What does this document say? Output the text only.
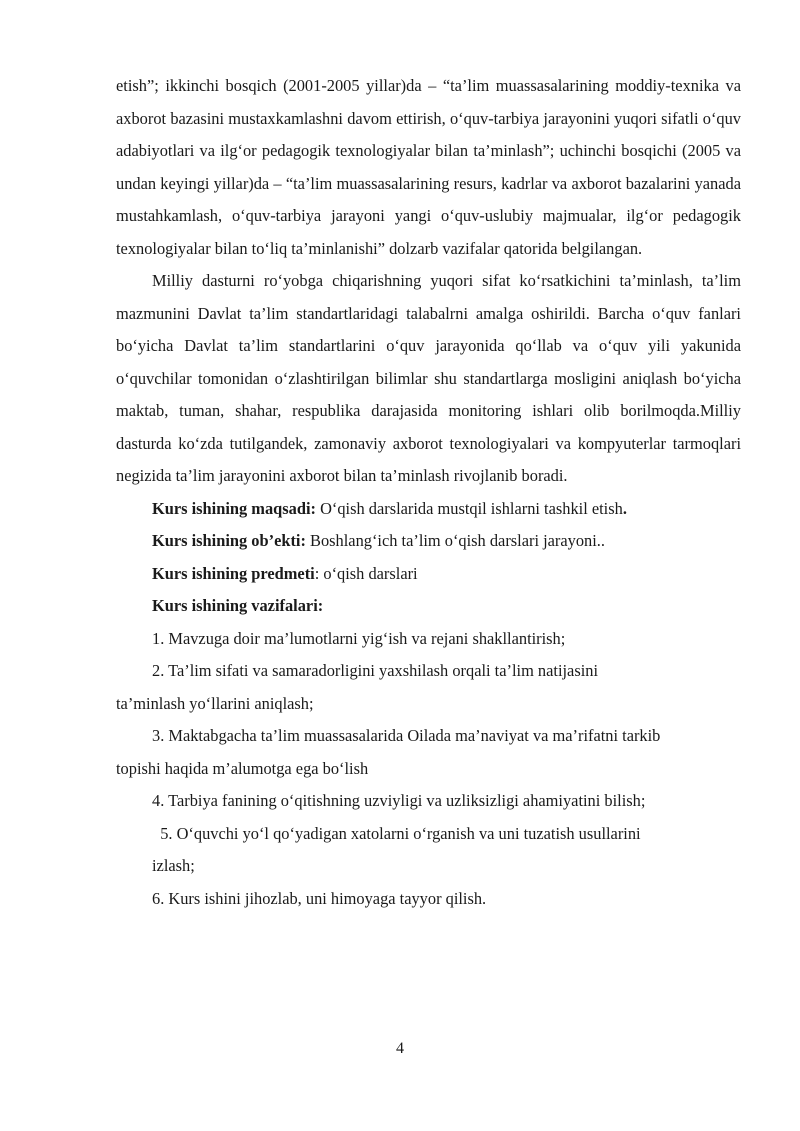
etish”; ikkinchi bosqich (2001-2005 yillar)da – “ta’lim muassasalarining moddiy-texnika va axborot bazasini mustaxkamlashni davom ettirish, o‘quv-tarbiya jarayonini yuqori sifatli o‘quv adabiyotlari va ilg‘or pedagogik texnologiyalar bilan ta’minlash”; uchinchi bosqichi (2005 va undan keyingi yillar)da – “ta’lim muassasalarining resurs, kadrlar va axborot bazalarini yanada mustahkamlash, o‘quv-tarbiya jarayoni yangi o‘quv-uslubiy majmualar, ilg‘or pedagogik texnologiyalar bilan to‘liq ta’minlanishi” dolzarb vazifalar qatorida belgilangan.

Milliy dasturni ro‘yobga chiqarishning yuqori sifat ko‘rsatkichini ta’minlash, ta’lim mazmunini Davlat ta’lim standartlaridagi talabalrni amalga oshirildi. Barcha o‘quv fanlari bo‘yicha Davlat ta’lim standartlarini o‘quv jarayonida qo‘llab va o‘quv yili yakunida o‘quvchilar tomonidan o‘zlashtirilgan bilimlar shu standartlarga mosligini aniqlash bo‘yicha maktab, tuman, shahar, respublika darajasida monitoring ishlari olib borilmoqda.Milliy dasturda ko‘zda tutilgandek, zamonaviy axborot texnologiyalari va kompyuterlar tarmoqlari negizida ta’lim jarayonini axborot bilan ta’minlash rivojlanib boradi.

Kurs ishining maqsadi: O‘qish darslarida mustqil ishlarni tashkil etish.

Kurs ishining ob’ekti: Boshlang‘ich ta’lim o‘qish darslari jarayoni..

Kurs ishining predmeti: o‘qish darslari

Kurs ishining vazifalari:

1. Mavzuga doir ma’lumotlarni yig‘ish va rejani shakllantirish;

2. Ta’lim sifati va samaradorligini yaxshilash orqali ta’lim natijasini

ta’minlash yo‘llarini aniqlash;

3. Maktabgacha ta’lim muassasalarida Oilada ma’naviyat va ma’rifatni tarkib

topishi haqida m’alumotga ega bo‘lish

4. Tarbiya fanining o‘qitishning uzviyligi va uzliksizligi ahamiyatini bilish;

5. O‘quvchi yo‘l qo‘yadigan xatolarni o‘rganish va uni tuzatish usullarini

izlash;

6. Kurs ishini jihozlab, uni himoyaga tayyor qilish.

4
